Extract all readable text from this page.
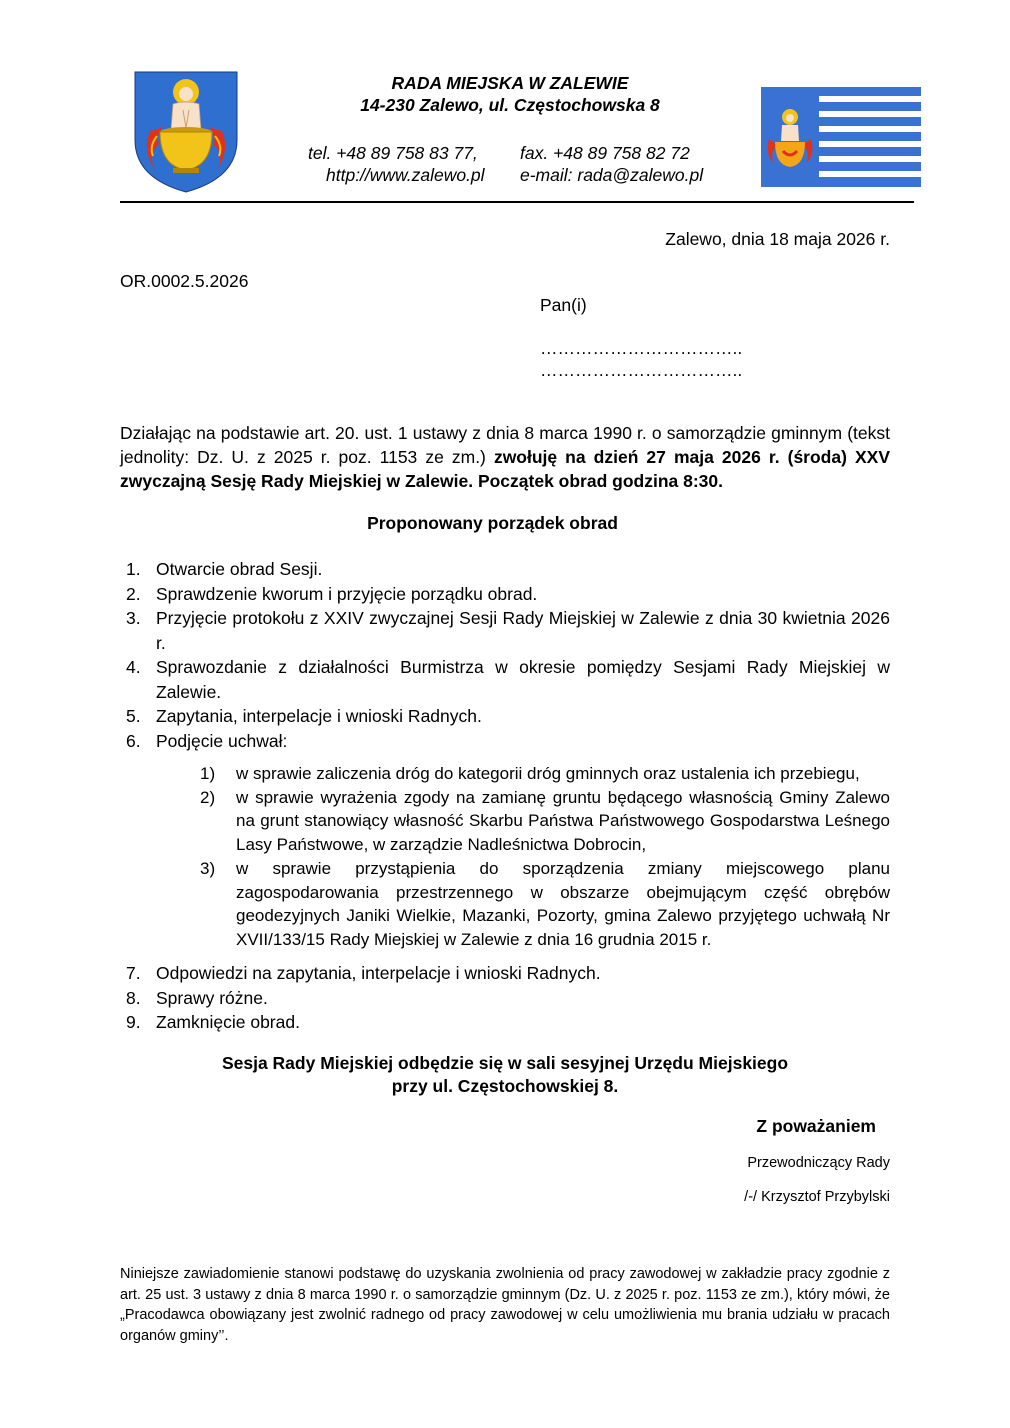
RADA MIEJSKA W ZALEWIE
14-230 Zalewo, ul. Częstochowska 8
tel. +48 89 758 83 77, fax. +48 89 758 82 72
http://www.zalewo.pl e-mail: rada@zalewo.pl
Zalewo, dnia 18 maja 2026 r.
OR.0002.5.2026
Pan(i)
……………………………..
……………………………..
Działając na podstawie art. 20. ust. 1 ustawy z dnia 8 marca 1990 r. o samorządzie gminnym (tekst jednolity: Dz. U. z 2025 r. poz. 1153 ze zm.) zwołuję na dzień 27 maja 2026 r. (środa) XXV zwyczajną Sesję Rady Miejskiej w Zalewie. Początek obrad godzina 8:30.
Proponowany porządek obrad
1. Otwarcie obrad Sesji.
2. Sprawdzenie kworum i przyjęcie porządku obrad.
3. Przyjęcie protokołu z XXIV zwyczajnej Sesji Rady Miejskiej w Zalewie z dnia 30 kwietnia 2026 r.
4. Sprawozdanie z działalności Burmistrza w okresie pomiędzy Sesjami Rady Miejskiej w Zalewie.
5. Zapytania, interpelacje i wnioski Radnych.
6. Podjęcie uchwał:
1) w sprawie zaliczenia dróg do kategorii dróg gminnych oraz ustalenia ich przebiegu,
2) w sprawie wyrażenia zgody na zamianę gruntu będącego własnością Gminy Zalewo na grunt stanowiący własność Skarbu Państwa Państwowego Gospodarstwa Leśnego Lasy Państwowe, w zarządzie Nadleśnictwa Dobrocin,
3) w sprawie przystąpienia do sporządzenia zmiany miejscowego planu zagospodarowania przestrzennego w obszarze obejmującym część obrębów geodezyjnych Janiki Wielkie, Mazanki, Pozorty, gmina Zalewo przyjętego uchwałą Nr XVII/133/15 Rady Miejskiej w Zalewie z dnia 16 grudnia 2015 r.
7. Odpowiedzi na zapytania, interpelacje i wnioski Radnych.
8. Sprawy różne.
9. Zamknięcie obrad.
Sesja Rady Miejskiej odbędzie się w sali sesyjnej Urzędu Miejskiego
przy ul. Częstochowskiej 8.
Z poważaniem
Przewodniczący Rady
/-/ Krzysztof Przybylski
Niniejsze zawiadomienie stanowi podstawę do uzyskania zwolnienia od pracy zawodowej w zakładzie pracy zgodnie z art. 25 ust. 3 ustawy z dnia 8 marca 1990 r. o samorządzie gminnym (Dz. U. z 2025 r. poz. 1153 ze zm.), który mówi, że „Pracodawca obowiązany jest zwolnić radnego od pracy zawodowej w celu umożliwienia mu brania udziału w pracach organów gminy’’.
